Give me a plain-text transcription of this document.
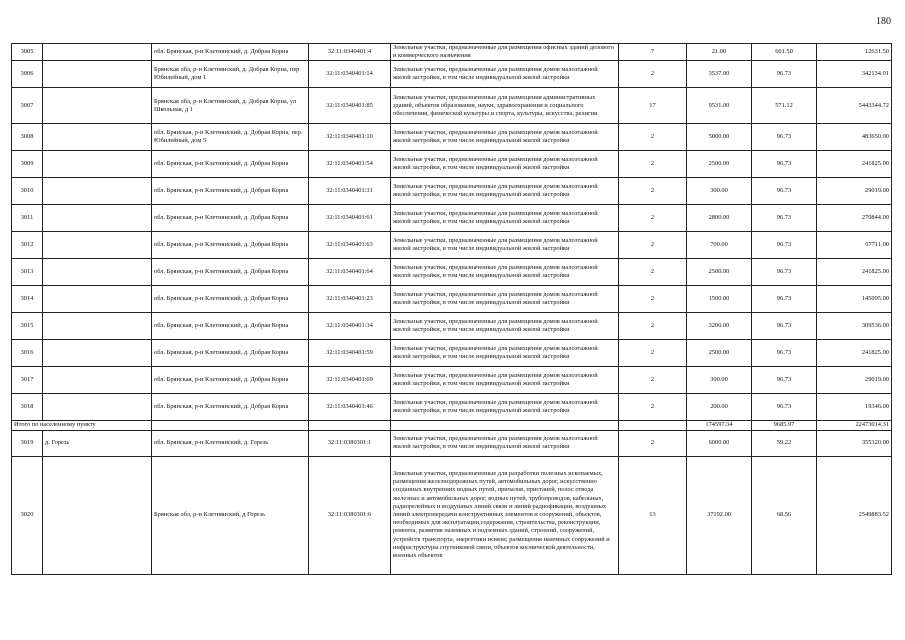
180
3005		обл. Брянская, р-н Клетнянский, д. Добрая Корна	32:11:0340401:4	Земельные участки, предназначенные для размещения офисных зданий делового и коммерческого назначения	7	21.00	601.50	12631.50
3006		Брянская обл, р-н Клетнянский, д. Добрая Корна, пер Юбилейный, дом 1	32:11:0340401:14	Земельные участки, предназначенные для размещения домов малоэтажной жилой застройки, в том числе индивидуальной жилой застройки	2	3537.00	96.73	342134.01
3007		Брянская обл, р-н Клетнянский, д. Добрая Корна, ул Школьная, д 1	32:11:0340401:85	Земельные участки, предназначенные для размещения административных зданий, объектов образования, науки, здравоохранения и социального обеспечения, физической культуры и спорта, культуры, искусства, религии	17	9531.00	571.12	5443344.72
3008		обл. Брянская, р-н Клетнянский, д. Добрая Корна, пер. Юбилейный, дом 5	32:11:0340401:10	Земельные участки, предназначенные для размещения домов малоэтажной жилой застройки, в том числе индивидуальной жилой застройки	2	5000.00	96.73	483650.00
3009		обл. Брянская, р-н Клетнянский, д. Добрая Корна	32:11:0340401:54	Земельные участки, предназначенные для размещения домов малоэтажной жилой застройки, в том числе индивидуальной жилой застройки	2	2500.00	96.73	241825.00
3010		обл. Брянская, р-н Клетнянский, д. Добрая Корна	32:11:0340401:31	Земельные участки, предназначенные для размещения домов малоэтажной жилой застройки, в том числе индивидуальной жилой застройки	2	300.00	96.73	29019.00
3011		обл. Брянская, р-н Клетнянский, д. Добрая Корна	32:11:0340401:61	Земельные участки, предназначенные для размещения домов малоэтажной жилой застройки, в том числе индивидуальной жилой застройки	2	2800.00	96.73	270844.00
3012		обл. Брянская, р-н Клетнянский, д. Добрая Корна	32:11:0340401:63	Земельные участки, предназначенные для размещения домов малоэтажной жилой застройки, в том числе индивидуальной жилой застройки	2	700.00	96.73	67711.00
3013		обл. Брянская, р-н Клетнянский, д. Добрая Корна	32:11:0340401:64	Земельные участки, предназначенные для размещения домов малоэтажной жилой застройки, в том числе индивидуальной жилой застройки	2	2500.00	96.73	241825.00
3014		обл. Брянская, р-н Клетнянский, д. Добрая Корна	32:11:0340401:23	Земельные участки, предназначенные для размещения домов малоэтажной жилой застройки, в том числе индивидуальной жилой застройки	2	1500.00	96.73	145095.00
3015		обл. Брянская, р-н Клетнянский, д. Добрая Корна	32:11:0340401:34	Земельные участки, предназначенные для размещения домов малоэтажной жилой застройки, в том числе индивидуальной жилой застройки	2	3200.00	96.73	309536.00
3016		обл. Брянская, р-н Клетнянский, д. Добрая Корна	32:11:0340401:59	Земельные участки, предназначенные для размещения домов малоэтажной жилой застройки, в том числе индивидуальной жилой застройки	2	2500.00	96.73	241825.00
3017		обл. Брянская, р-н Клетнянский, д. Добрая Корна	32:11:0340401:69	Земельные участки, предназначенные для размещения домов малоэтажной жилой застройки, в том числе индивидуальной жилой застройки	2	300.00	96.73	29019.00
3018		обл. Брянская, р-н Клетнянский, д. Добрая Корна	32:11:0340401:46	Земельные участки, предназначенные для размещения домов малоэтажной жилой застройки, в том числе индивидуальной жилой застройки	2	200.00	96.73	19346.00
Итого по населенному пункту						174597.34	9685.97	22473014.31
3019	д. Горезь	обл. Брянская, р-н Клетнянский, д. Горезь	32:11:0380301:1	Земельные участки, предназначенные для размещения домов малоэтажной жилой застройки, в том числе индивидуальной жилой застройки	2	6000.00	59.22	355320.00
3020		Брянская обл, р-н Клетнянский, д Горезь	32:11:0380301:6	Земельные участки, предназначенные для разработки полезных ископаемых, размещения железнодорожных путей, автомобильных дорог, искусственно созданных внутренних водных путей, причалов, пристаней, полос отвода железных и автомобильных дорог, водных путей, трубопроводов, кабельных, радиорелейных и воздушных линий связи и линий радиофикации, воздушных линий электропередачи конструктивных элементов и сооружений, объектов, необходимых для эксплуатации,содержания, строительства, реконструкции, ремонта, развития наземных и подземных зданий, строений, сооружений, устройств транспорта, энергетики исвязи; размещения наземных сооружений и инфраструктуры спутниковой связи, объектов космической деятельности, военных объектов	13	37192.00	68.56	2549883.52
